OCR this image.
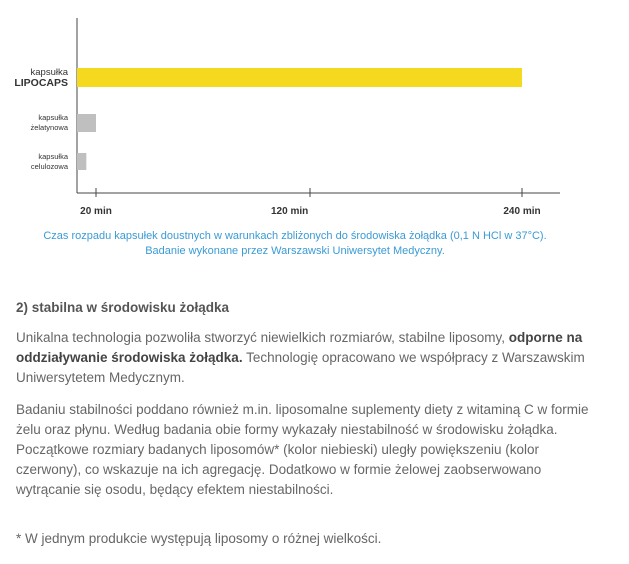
kapsułka LIPOCAPS
kapsułka żelatynowa
kapsułka celulozowa
20 min	120 min	240 min
Czas rozpadu kapsułek doustnych w warunkach zbliżonych do środowiska żołądka (0,1 N HCl w 37°C).
Badanie wykonane przez Warszawski Uniwersytet Medyczny.
2) stabilna w środowisku żołądka
Unikalna technologia pozwoliła stworzyć niewielkich rozmiarów, stabilne liposomy, odporne na oddziaływanie środowiska żołądka. Technologię opracowano we współpracy z Warszawskim Uniwersytetem Medycznym.
Badaniu stabilności poddano również m.in. liposomalne suplementy diety z witaminą C w formie żelu oraz płynu. Według badania obie formy wykazały niestabilność w środowisku żołądka. Początkowe rozmiary badanych liposomów* (kolor niebieski) uległy powiększeniu (kolor czerwony), co wskazuje na ich agregację. Dodatkowo w formie żelowej zaobserwowano wytrącanie się osodu, będący efektem niestabilności.
* W jednym produkcie występują liposomy o różnej wielkości.
